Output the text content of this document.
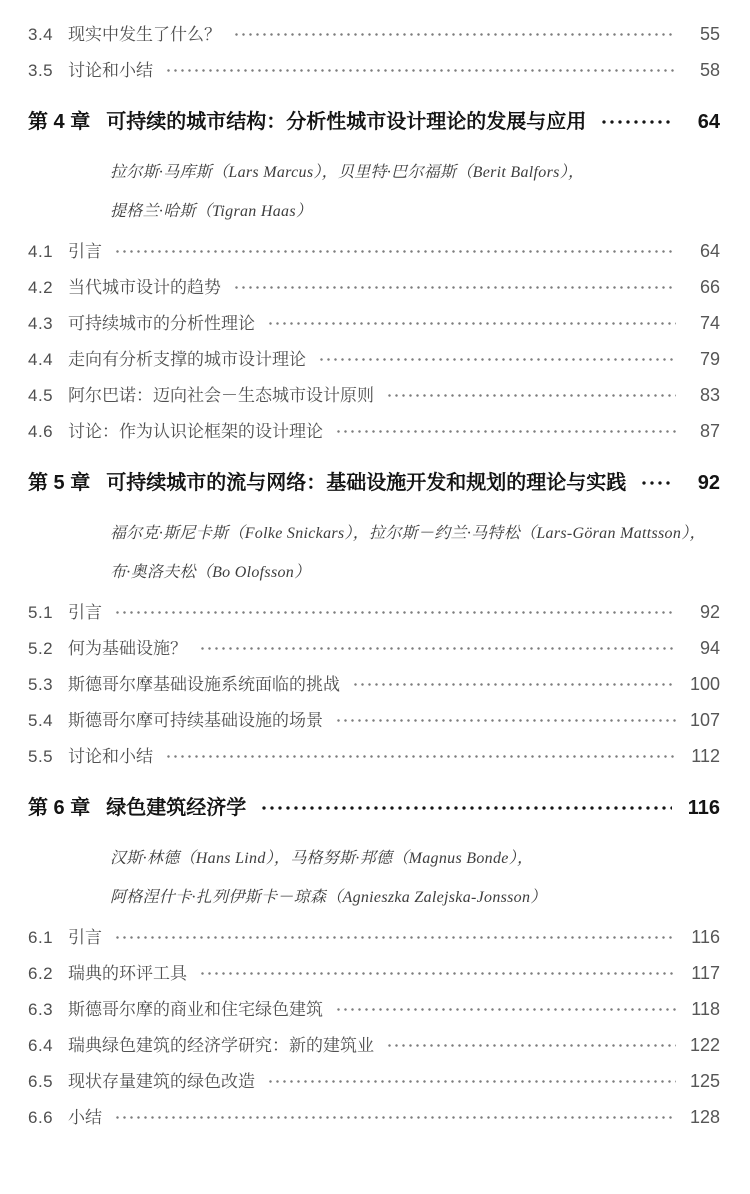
3.4 现实中发生了什么？	55
3.5 讨论和小结	58
第 4 章 可持续的城市结构：分析性城市设计理论的发展与应用	64

拉尔斯·马库斯（Lars Marcus），贝里特·巴尔福斯（Berit Balfors），

提格兰·哈斯（Tigran Haas）

4.1 引言	64
4.2 当代城市设计的趋势	66
4.3 可持续城市的分析性理论	74
4.4 走向有分析支撑的城市设计理论	79
4.5 阿尔巴诺：迈向社会－生态城市设计原则	83
4.6 讨论：作为认识论框架的设计理论	87
第 5 章 可持续城市的流与网络：基础设施开发和规划的理论与实践	92

福尔克·斯尼卡斯（Folke Snickars），拉尔斯－约兰·马特松（Lars-Göran Mattsson），

布·奥洛夫松（Bo Olofsson）

5.1 引言	92
5.2 何为基础设施？	94
5.3 斯德哥尔摩基础设施系统面临的挑战	100
5.4 斯德哥尔摩可持续基础设施的场景	107
5.5 讨论和小结	112
第 6 章 绿色建筑经济学	116

汉斯·林德（Hans Lind），马格努斯·邦德（Magnus Bonde），

阿格涅什卡·扎列伊斯卡－琼森（Agnieszka Zalejska-Jonsson）

6.1 引言	116
6.2 瑞典的环评工具	117
6.3 斯德哥尔摩的商业和住宅绿色建筑	118
6.4 瑞典绿色建筑的经济学研究：新的建筑业	122
6.5 现状存量建筑的绿色改造	125
6.6 小结	128
